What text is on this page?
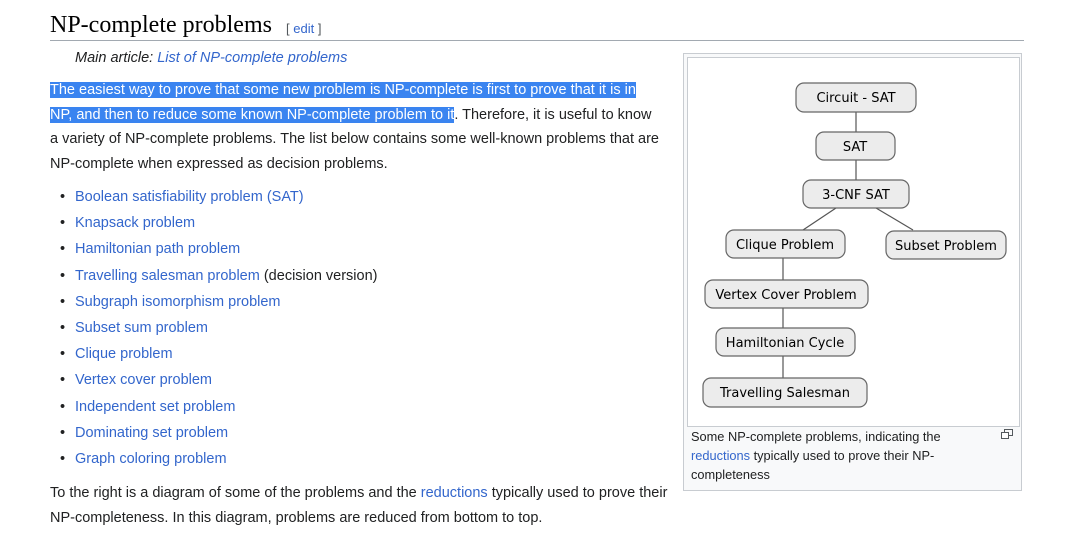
NP-complete problems [ edit ]
Main article: List of NP-complete problems
The easiest way to prove that some new problem is NP-complete is first to prove that it is in NP, and then to reduce some known NP-complete problem to it. Therefore, it is useful to know a variety of NP-complete problems. The list below contains some well-known problems that are NP-complete when expressed as decision problems.
• Boolean satisfiability problem (SAT)
• Knapsack problem
• Hamiltonian path problem
• Travelling salesman problem (decision version)
• Subgraph isomorphism problem
• Subset sum problem
• Clique problem
• Vertex cover problem
• Independent set problem
• Dominating set problem
• Graph coloring problem
To the right is a diagram of some of the problems and the reductions typically used to prove their NP-completeness. In this diagram, problems are reduced from bottom to top.
Circuit - SAT
SAT
3-CNF SAT
Clique Problem	Subset Problem
Vertex Cover Problem
Hamiltonian Cycle
Travelling Salesman
Some NP-complete problems, indicating the reductions typically used to prove their NP-completeness
